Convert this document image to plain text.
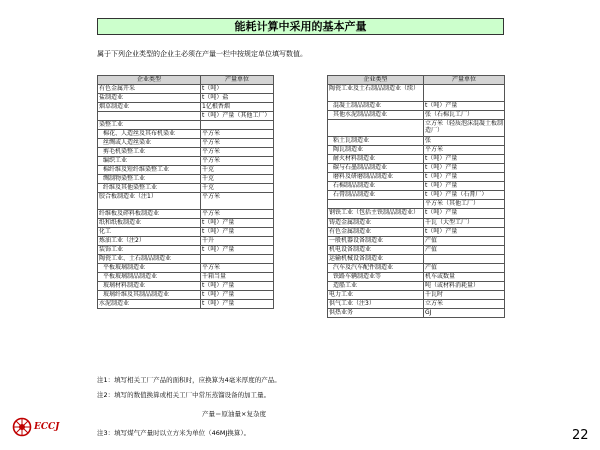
能耗计算中采用的基本产量
属于下列企业类型的企业主必须在产量一栏中按规定单位填写数值。
企业类型	产量单位
有色金属开采	t（吨）
盐制造业	t（吨）盐
烟草制造业	1亿根香烟
	t（吨）产量（其他工厂）
染整工业	
棉花、人造丝及其布机染业	平方米
丝绸或人造丝染业	平方米
剪毛机染整工业	平方米
编织工业	平方米
棉纤维及短纤维染整工业	千克
绸制物染整工业	千克
纤维及其他染整工业	千克
胶合板制造业（注1）	平方米
纤维板及碎料板制造业	平方米
纸和纸板制造业	t（吨）产量
化工	t（吨）产量
炼油工业（注2）	千升
装饰工业	t（吨）产量
陶瓷工业、土石制品制造业	
平板玻璃制造业	平方米
平板玻璃制品制造业	千箱当量
玻璃材料制造业	t（吨）产量
玻璃纤维及其制品制造业	t（吨）产量
水泥制造业	t（吨）产量
企业类型	产量单位
陶瓷工业及土石制品制造业（续）	
混凝土制品制造业	t（吨）产量
其他水泥制品制造业	张（石棉瓦工厂）
	立方米（轻质泡沫混凝土板制造厂）
粘土瓦制造业	张
陶瓦制造业	平方米
耐火材料制造业	t（吨）产量
碳与石墨制品制造业	t（吨）产量
磨料及研磨制品制造业	t（吨）产量
石棉制品制造业	t（吨）产量
石膏制品制造业	t（吨）产量（石膏厂）
	平方米（其他工厂）
钢铁工业（包括主铁制品制造业）	t（吨）产量
铸造金属制造业	千瓦（大型工厂）
有色金属制造业	t（吨）产量
一般机器设备制造业	产值
机电设备制造业	产值
运输机械设备制造业	
汽车及汽车配件制造业	产值
铁路车辆制造业等	机车或数量
造船工业	吨（或材料消耗量）
电力工业	千瓦时
供气工业（注3）	立方米
供热业务	GJ
注1：填写相关工厂产品的面积时，应换算为4毫米厚度的产品。
注2：填写的数值换算或相关工厂中常压蒸馏设备的加工量。
产量＝原油量×复杂度
注3：填写煤气产量时以立方米为单位（46MJ换算）。
ECCJ
22
